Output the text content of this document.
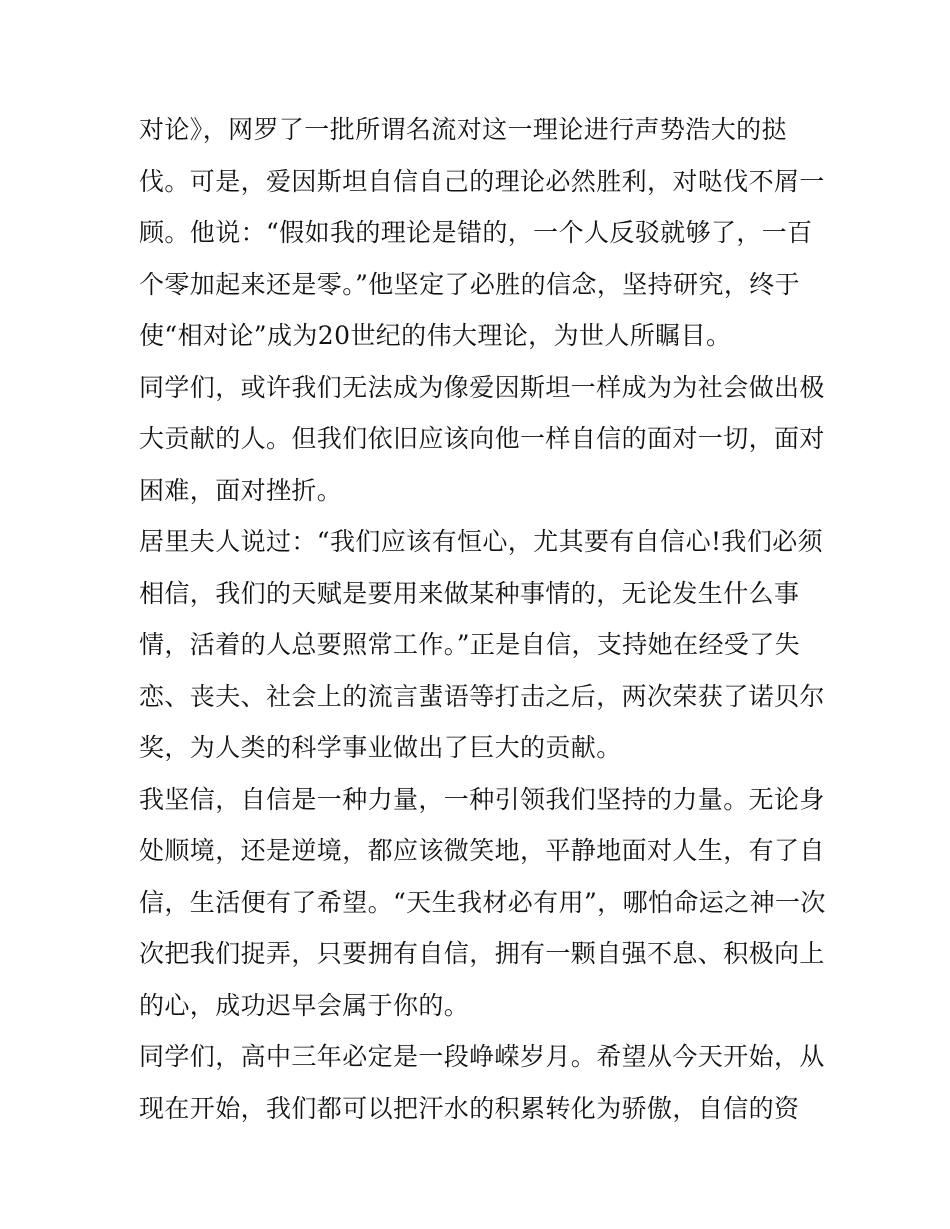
对论》，网罗了一批所谓名流对这一理论进行声势浩大的挞
伐。可是，爱因斯坦自信自己的理论必然胜利，对哒伐不屑一
顾。他说：“假如我的理论是错的，一个人反驳就够了，一百
个零加起来还是零。”他坚定了必胜的信念，坚持研究，终于
使“相对论”成为20世纪的伟大理论，为世人所瞩目。
同学们，或许我们无法成为像爱因斯坦一样成为为社会做出极
大贡献的人。但我们依旧应该向他一样自信的面对一切，面对
困难，面对挫折。
居里夫人说过：“我们应该有恒心，尤其要有自信心!我们必须
相信，我们的天赋是要用来做某种事情的，无论发生什么事
情，活着的人总要照常工作。”正是自信，支持她在经受了失
恋、丧夫、社会上的流言蜚语等打击之后，两次荣获了诺贝尔
奖，为人类的科学事业做出了巨大的贡献。
我坚信，自信是一种力量，一种引领我们坚持的力量。无论身
处顺境，还是逆境，都应该微笑地，平静地面对人生，有了自
信，生活便有了希望。“天生我材必有用”，哪怕命运之神一次
次把我们捉弄，只要拥有自信，拥有一颗自强不息、积极向上
的心，成功迟早会属于你的。
同学们，高中三年必定是一段峥嵘岁月。希望从今天开始，从
现在开始，我们都可以把汗水的积累转化为骄傲，自信的资
